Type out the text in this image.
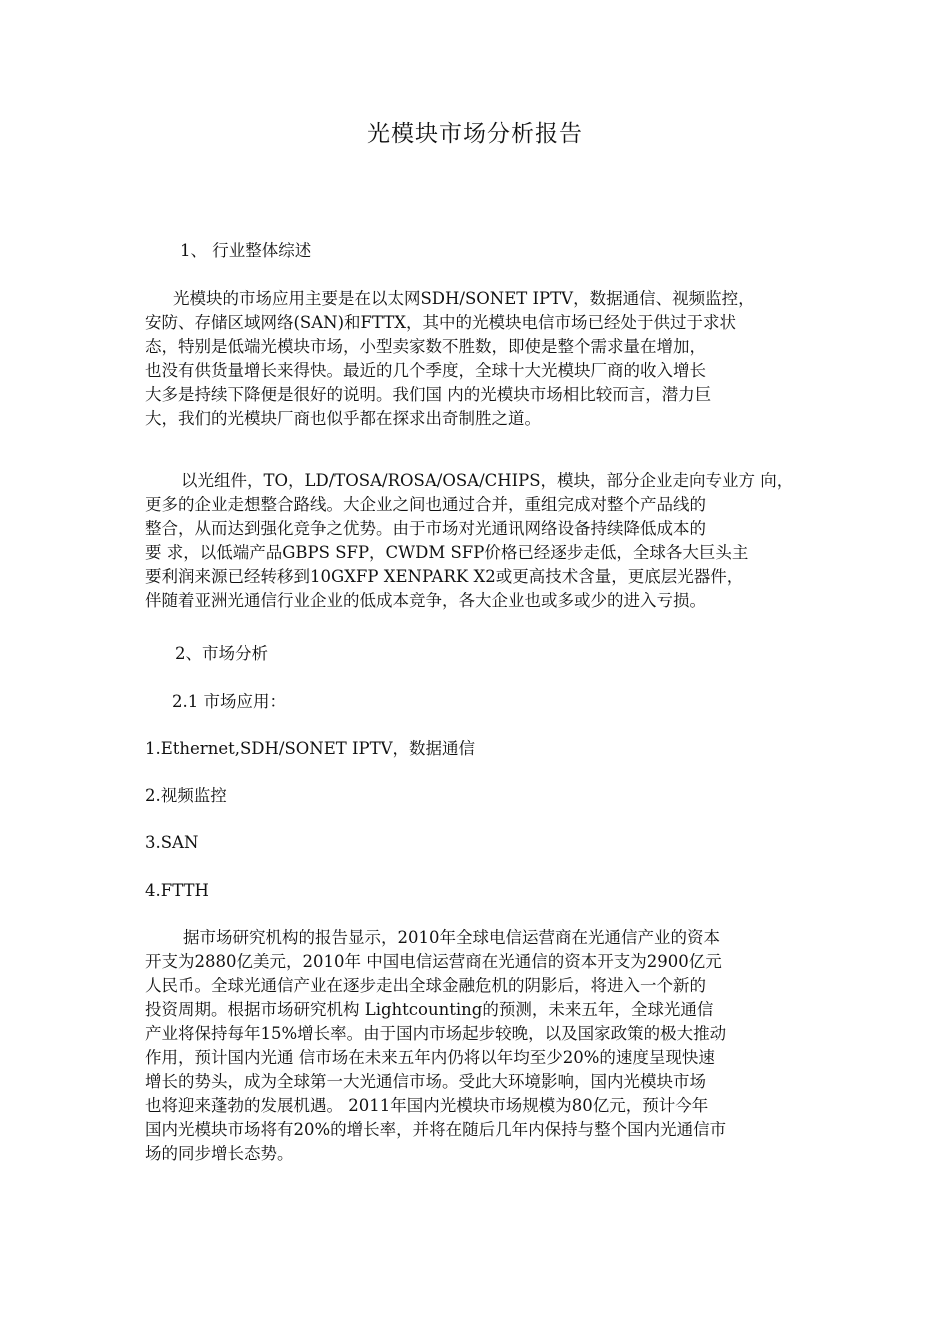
光模块市场分析报告
1、 行业整体综述
光模块的市场应用主要是在以太网SDH/SONET IPTV，数据通信、视频监控，
安防、存储区域网络(SAN)和FTTX，其中的光模块电信市场已经处于供过于求状
态，特别是低端光模块市场，小型卖家数不胜数，即使是整个需求量在增加，
也没有供货量增长来得快。最近的几个季度，全球十大光模块厂商的收入增长
大多是持续下降便是很好的说明。我们国 内的光模块市场相比较而言，潜力巨
大，我们的光模块厂商也似乎都在探求出奇制胜之道。
以光组件，TO，LD/TOSA/ROSA/OSA/CHIPS，模块，部分企业走向专业方 向，
更多的企业走想整合路线。大企业之间也通过合并，重组完成对整个产品线的
整合，从而达到强化竞争之优势。由于市场对光通讯网络设备持续降低成本的
要 求，以低端产品GBPS SFP，CWDM SFP价格已经逐步走低，全球各大巨头主
要利润来源已经转移到10GXFP XENPARK X2或更高技术含量，更底层光器件，
伴随着亚洲光通信行业企业的低成本竞争，各大企业也或多或少的进入亏损。
2、市场分析
2.1 市场应用：
1.Ethernet,SDH/SONET IPTV，数据通信
2.视频监控
3.SAN
4.FTTH
据市场研究机构的报告显示，2010年全球电信运营商在光通信产业的资本
开支为2880亿美元，2010年 中国电信运营商在光通信的资本开支为2900亿元
人民币。全球光通信产业在逐步走出全球金融危机的阴影后，将进入一个新的
投资周期。根据市场研究机构 Lightcounting的预测，未来五年，全球光通信
产业将保持每年15%增长率。由于国内市场起步较晚，以及国家政策的极大推动
作用，预计国内光通 信市场在未来五年内仍将以年均至少20%的速度呈现快速
增长的势头，成为全球第一大光通信市场。受此大环境影响，国内光模块市场
也将迎来蓬勃的发展机遇。 2011年国内光模块市场规模为80亿元，预计今年
国内光模块市场将有20%的增长率，并将在随后几年内保持与整个国内光通信市
场的同步增长态势。
